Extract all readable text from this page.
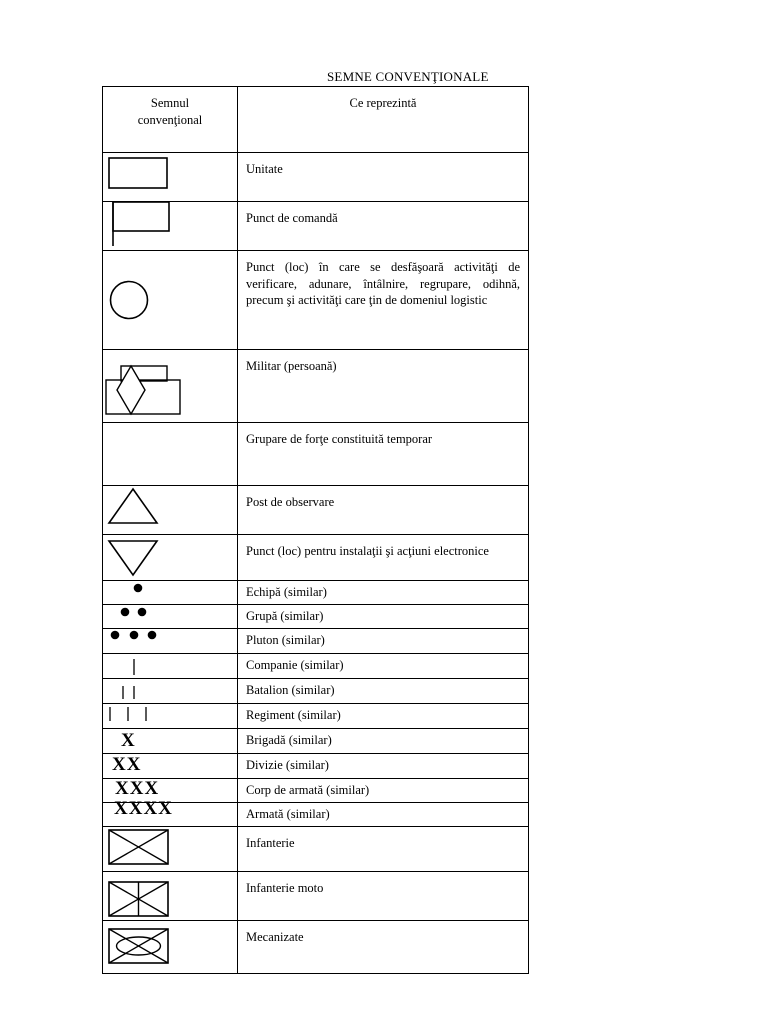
SEMNE CONVENŢIONALE
Semnul convenţional	Ce reprezintă

	Unitate

	Punct de comandă

	Punct (loc) în care se desfăşoară activităţi de verificare, adunare, întâlnire, regrupare, odihnă, precum şi activităţi care ţin de domeniul logistic

	Militar (persoană)
	Grupare de forţe constituită temporar

	Post de observare

	Punct (loc) pentru instalaţii şi acţiuni electronice

	Echipă (similar)

	Grupă (similar)

	Pluton (similar)

	Companie (similar)

	Batalion (similar)

	Regiment (similar)

X	Brigadă (similar)

XX	Divizie (similar)

XXX	Corp de armată (similar)

XXXX	Armată (similar)

	Infanterie

	Infanterie moto

	Mecanizate
